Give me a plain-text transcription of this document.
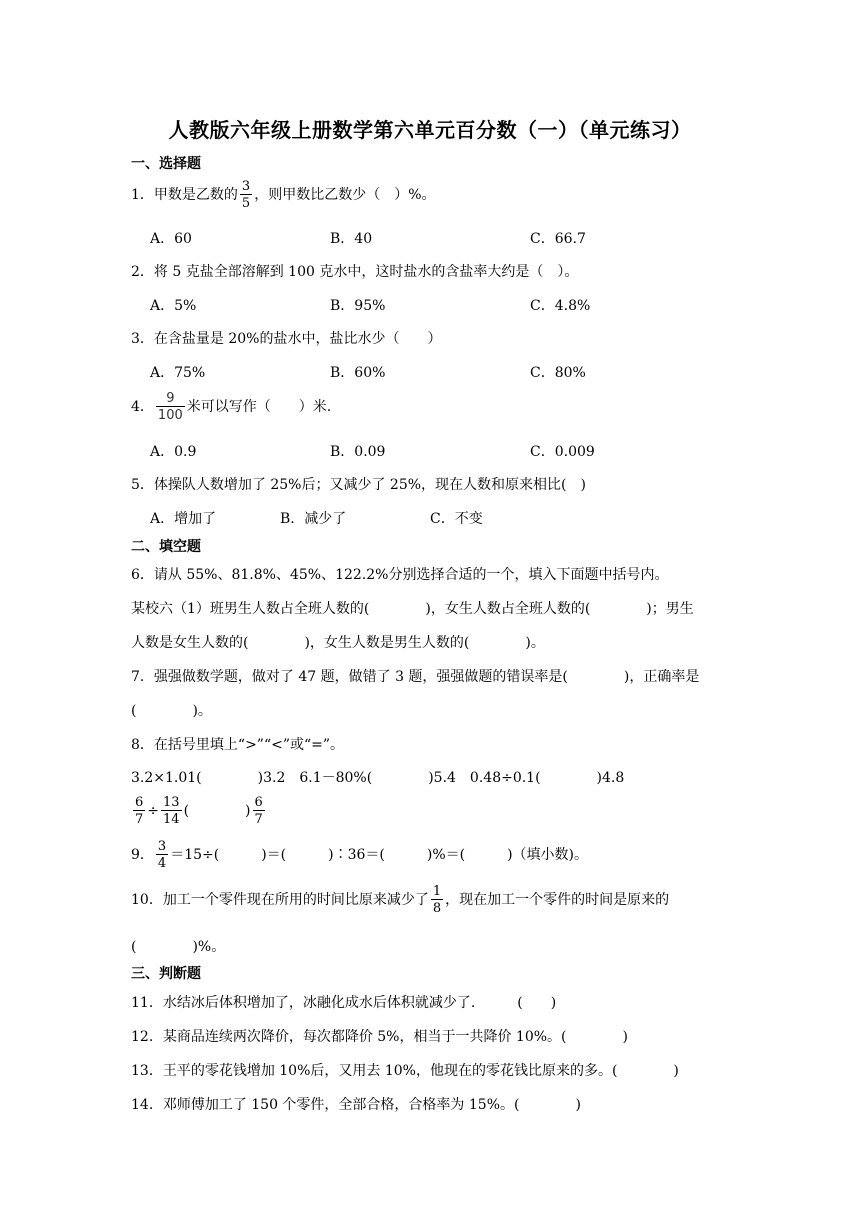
人教版六年级上册数学第六单元百分数（一）（单元练习）
一、选择题
1．甲数是乙数的 $\frac{3}{5}$ ，则甲数比乙数少（　）%。
A．60	B．40	C．66.7
2．将 5 克盐全部溶解到 100 克水中，这时盐水的含盐率大约是（　）。
A．5%	B．95%	C．4.8%
3．在含盐量是 20%的盐水中，盐比水少（　　）
A．75%	B．60%	C．80%
4． $\frac{9}{100}$ 米可以写作（　　）米.
A．0.9	B．0.09	C．0.009
5．体操队人数增加了 25%后；又减少了 25%，现在人数和原来相比(　)
A．增加了	B．减少了	C．不变
二、填空题
6．请从 55%、81.8%、45%、122.2%分别选择合适的一个，填入下面题中括号内。
某校六（1）班男生人数占全班人数的(　　　　)，女生人数占全班人数的(　　　　)；男生
人数是女生人数的(　　　　)，女生人数是男生人数的(　　　　)。
7．强强做数学题，做对了 47 题，做错了 3 题，强强做题的错误率是(　　　　)，正确率是
(　　　　)。
8．在括号里填上“>”“<”或“=”。
3.2×1.01(　　　　)3.2　6.1－80%(　　　　)5.4　0.48÷0.1(　　　　)4.8
$\frac{6}{7} \div \frac{13}{14}$ (　　　　) $\frac{6}{7}$
9． $\frac{3}{4} =15\div$(　　　)＝(　　　)∶36＝(　　　)%＝(　　　)（填小数)。
10．加工一个零件现在所用的时间比原来减少了 $\frac{1}{8}$ ，现在加工一个零件的时间是原来的
(　　　　)%。
三、判断题
11．水结冰后体积增加了，冰融化成水后体积就减少了.　　　(　　)
12．某商品连续两次降价，每次都降价 5%，相当于一共降价 10%。(　　　　)
13．王平的零花钱增加 10%后，又用去 10%，他现在的零花钱比原来的多。(　　　　)
14．邓师傅加工了 150 个零件，全部合格，合格率为 15%。(　　　　)
